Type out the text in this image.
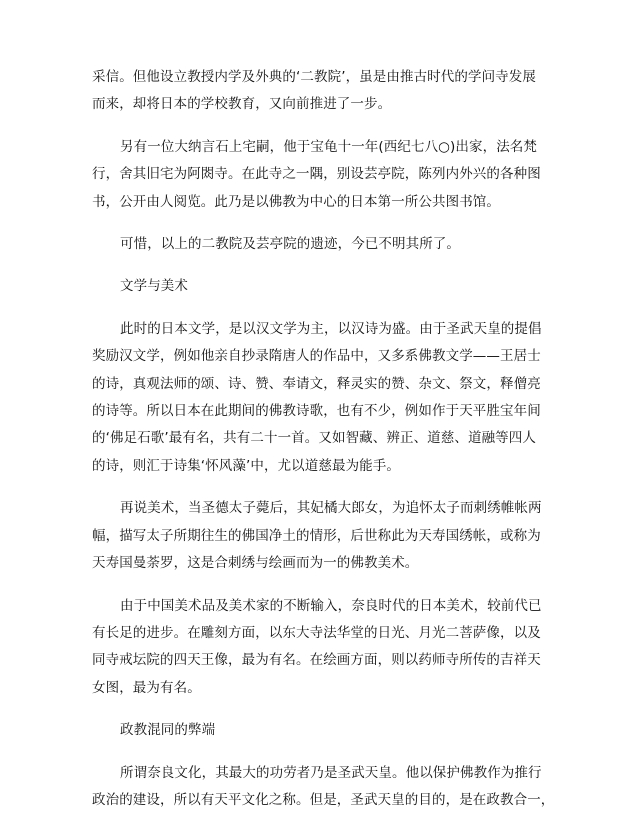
采信。但他设立教授内学及外典的‘二教院’，虽是由推古时代的学问寺发展
而来，却将日本的学校教育，又向前推进了一步。
另有一位大纳言石上宅嗣，他于宝龟十一年(西纪七八○)出家，法名梵
行，舍其旧宅为阿閦寺。在此寺之一隅，别设芸亭院，陈列内外兴的各种图
书，公开由人阅览。此乃是以佛教为中心的日本第一所公共图书馆。
可惜，以上的二教院及芸亭院的遗迹，今已不明其所了。
文学与美术
此时的日本文学，是以汉文学为主，以汉诗为盛。由于圣武天皇的提倡
奖励汉文学，例如他亲自抄录隋唐人的作品中，又多系佛教文学——王居士
的诗，真观法师的颂、诗、赞、奉请文，释灵实的赞、杂文、祭文，释僧亮
的诗等。所以日本在此期间的佛教诗歌，也有不少，例如作于天平胜宝年间
的‘佛足石歌’最有名，共有二十一首。又如智藏、辨正、道慈、道融等四人
的诗，则汇于诗集‘怀风藻’中，尤以道慈最为能手。
再说美术，当圣德太子薨后，其妃橘大郎女，为追怀太子而刺绣帷帐两
幅，描写太子所期往生的佛国净土的情形，后世称此为天寿国绣帐，或称为
天寿国曼荼罗，这是合刺绣与绘画而为一的佛教美术。
由于中国美术品及美术家的不断输入，奈良时代的日本美术，较前代已
有长足的进步。在雕刻方面，以东大寺法华堂的日光、月光二菩萨像，以及
同寺戒坛院的四天王像，最为有名。在绘画方面，则以药师寺所传的吉祥天
女图，最为有名。
政教混同的弊端
所谓奈良文化，其最大的功劳者乃是圣武天皇。他以保护佛教作为推行
政治的建设，所以有天平文化之称。但是，圣武天皇的目的，是在政教合一，
